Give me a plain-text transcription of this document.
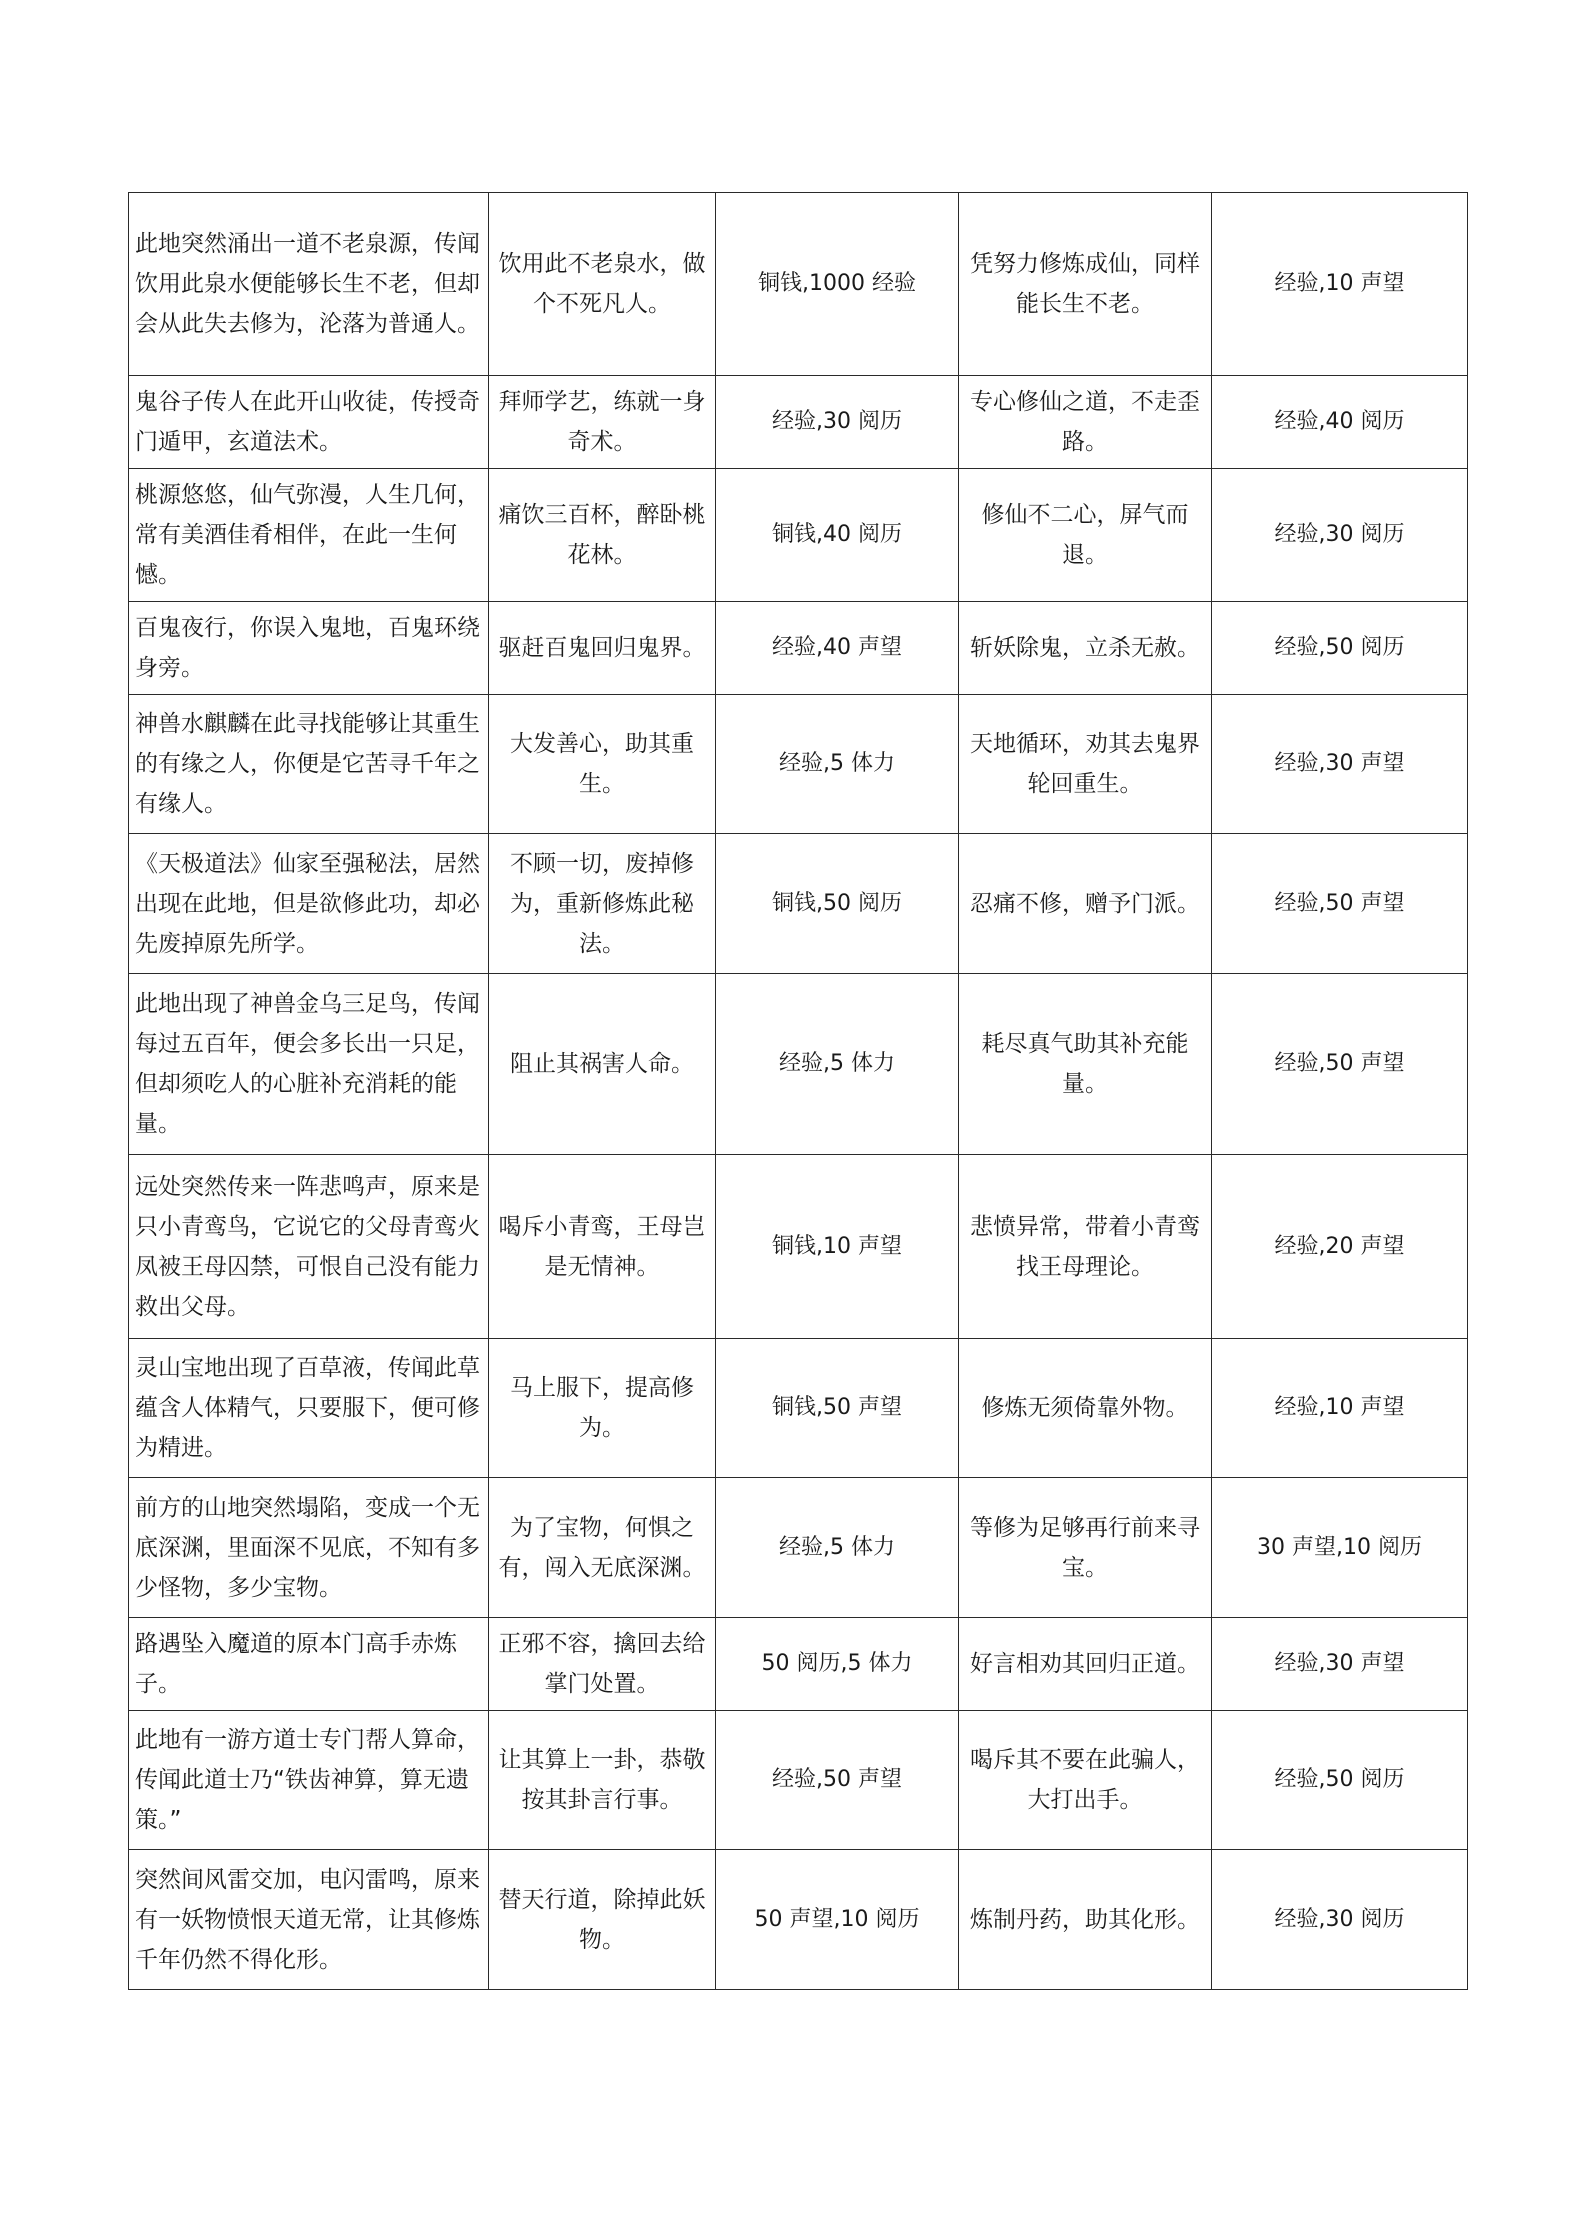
此地突然涌出一道不老泉源，传闻饮用此泉水便能够长生不老，但却会从此失去修为，沦落为普通人。	饮用此不老泉水，做个不死凡人。	铜钱,1000 经验	凭努力修炼成仙，同样能长生不老。	经验,10 声望
鬼谷子传人在此开山收徒，传授奇门遁甲，玄道法术。	拜师学艺，练就一身奇术。	经验,30 阅历	专心修仙之道，不走歪路。	经验,40 阅历
桃源悠悠，仙气弥漫，人生几何，常有美酒佳肴相伴，在此一生何憾。	痛饮三百杯，醉卧桃花林。	铜钱,40 阅历	修仙不二心，屏气而退。	经验,30 阅历
百鬼夜行，你误入鬼地，百鬼环绕身旁。	驱赶百鬼回归鬼界。	经验,40 声望	斩妖除鬼，立杀无赦。	经验,50 阅历
神兽水麒麟在此寻找能够让其重生的有缘之人，你便是它苦寻千年之有缘人。	大发善心，助其重生。	经验,5 体力	天地循环，劝其去鬼界轮回重生。	经验,30 声望
《天极道法》仙家至强秘法，居然出现在此地，但是欲修此功，却必先废掉原先所学。	不顾一切，废掉修为，重新修炼此秘法。	铜钱,50 阅历	忍痛不修，赠予门派。	经验,50 声望
此地出现了神兽金乌三足鸟，传闻每过五百年，便会多长出一只足，但却须吃人的心脏补充消耗的能量。	阻止其祸害人命。	经验,5 体力	耗尽真气助其补充能量。	经验,50 声望
远处突然传来一阵悲鸣声，原来是只小青鸾鸟，它说它的父母青鸾火凤被王母囚禁，可恨自己没有能力救出父母。	喝斥小青鸾，王母岂是无情神。	铜钱,10 声望	悲愤异常，带着小青鸾找王母理论。	经验,20 声望
灵山宝地出现了百草液，传闻此草蕴含人体精气，只要服下，便可修为精进。	马上服下，提高修为。	铜钱,50 声望	修炼无须倚靠外物。	经验,10 声望
前方的山地突然塌陷，变成一个无底深渊，里面深不见底，不知有多少怪物，多少宝物。	为了宝物，何惧之有，闯入无底深渊。	经验,5 体力	等修为足够再行前来寻宝。	30 声望,10 阅历
路遇坠入魔道的原本门高手赤炼子。	正邪不容，擒回去给掌门处置。	50 阅历,5 体力	好言相劝其回归正道。	经验,30 声望
此地有一游方道士专门帮人算命，传闻此道士乃“铁齿神算，算无遗策。”	让其算上一卦，恭敬按其卦言行事。	经验,50 声望	喝斥其不要在此骗人，大打出手。	经验,50 阅历
突然间风雷交加，电闪雷鸣，原来有一妖物愤恨天道无常，让其修炼千年仍然不得化形。	替天行道，除掉此妖物。	50 声望,10 阅历	炼制丹药，助其化形。	经验,30 阅历
